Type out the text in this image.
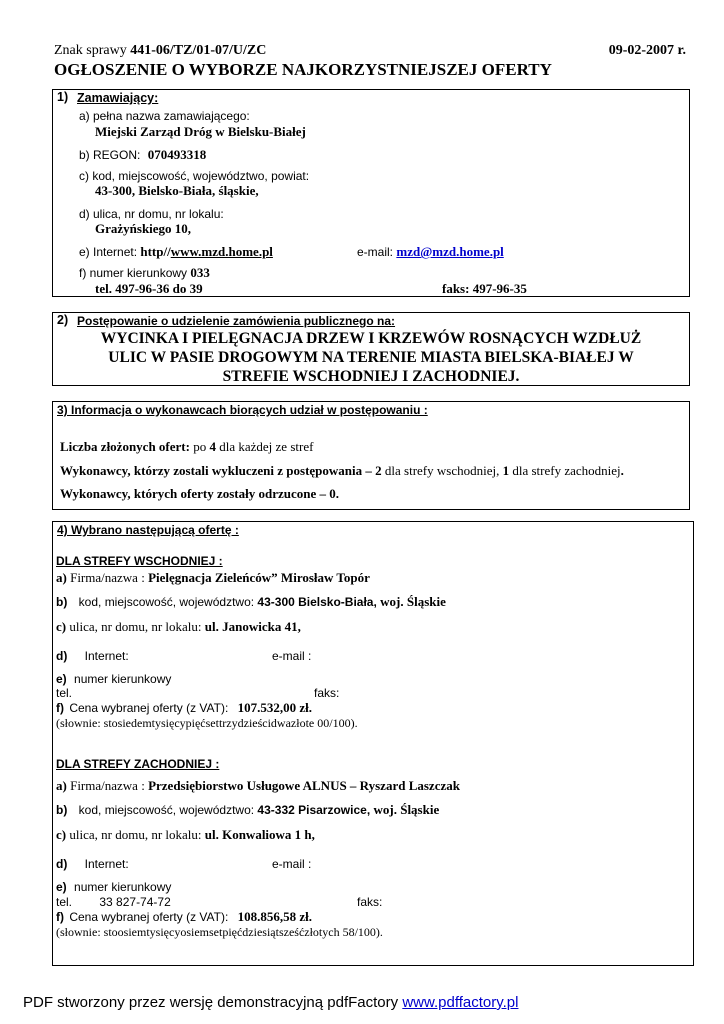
Znak sprawy 441-06/TZ/01-07/U/ZC	09-02-2007 r.
OGŁOSZENIE O WYBORZE NAJKORZYSTNIEJSZEJ OFERTY
1) Zamawiający:
a) pełna nazwa zamawiającego:
Miejski Zarząd Dróg w Bielsku-Białej
b) REGON: 070493318
c) kod, miejscowość, województwo, powiat:
43-300, Bielsko-Biała, śląskie,
d) ulica, nr domu, nr lokalu:
Grażyńskiego 10,
e) Internet: http//www.mzd.home.pl	e-mail: mzd@mzd.home.pl
f) numer kierunkowy 033
tel. 497-96-36 do 39	faks: 497-96-35
2) Postępowanie o udzielenie zamówienia publicznego na:
WYCINKA I PIELĘGNACJA DRZEW I KRZEWÓW ROSNĄCYCH WZDŁUŻ
ULIC W PASIE DROGOWYM NA TERENIE MIASTA BIELSKA-BIAŁEJ W
STREFIE WSCHODNIEJ I ZACHODNIEJ.
3) Informacja o wykonawcach biorących udział w postępowaniu :
Liczba złożonych ofert: po 4 dla każdej ze stref
Wykonawcy, którzy zostali wykluczeni z postępowania – 2 dla strefy wschodniej, 1 dla strefy zachodniej.
Wykonawcy, których oferty zostały odrzucone – 0.
4) Wybrano następującą ofertę :
DLA STREFY WSCHODNIEJ :
a) Firma/nazwa : Pielęgnacja Zieleńców” Mirosław Topór
b) kod, miejscowość, województwo: 43-300 Bielsko-Biała, woj. Śląskie
c) ulica, nr domu, nr lokalu: ul. Janowicka 41,
d) Internet:	e-mail :
e) numer kierunkowy
tel.	faks:
f) Cena wybranej oferty (z VAT): 107.532,00 zł.
(słownie: stosiedemtysięcypięćsettrzydzieścidwazłote 00/100).
DLA STREFY ZACHODNIEJ :
a) Firma/nazwa : Przedsiębiorstwo Usługowe ALNUS – Ryszard Laszczak
b) kod, miejscowość, województwo: 43-332 Pisarzowice, woj. Śląskie
c) ulica, nr domu, nr lokalu: ul. Konwaliowa 1 h,
d) Internet:	e-mail :
e) numer kierunkowy
tel. 33 827-74-72	faks:
f) Cena wybranej oferty (z VAT): 108.856,58 zł.
(słownie: stoosiemtysięcyosiemsetpięćdziesiątsześćzłotych 58/100).
PDF stworzony przez wersję demonstracyjną pdfFactory www.pdffactory.pl
